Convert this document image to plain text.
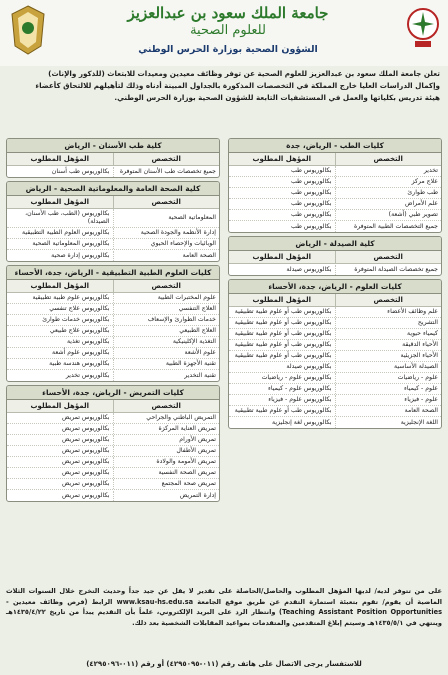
جامعة الملك سعود بن عبدالعزيز
للعلوم الصحية
الشؤون الصحية بوزارة الحرس الوطني

تعلن جامعة الملك سعود بن عبدالعزيز للعلوم الصحية عن توفر وظائف معيدين ومعيدات للابتعاث (للذكور والإناث)

وإكمال الدراسات العليا خارج المملكة في التخصصات المذكورة بالجداول المبينة أدناه وذلك لتأهيلهم للالتحاق كأعضاء

هيئة تدريس بكلياتها والعمل في المستشفيات التابعة للشؤون الصحية بوزارة الحرس الوطني.

كليات الطب - الرياض، جدة
التخصص
المؤهل المطلوب
تخدير
بكالوريوس طب
علاج مركز
بكالوريوس طب
طب طوارئ
بكالوريوس طب
علم الأمراض
بكالوريوس طب
تصوير طبي (أشعة)
بكالوريوس طب
جميع التخصصات الطبية المتوفرة
بكالوريوس طب
كلية الصيدلة - الرياض
التخصص
المؤهل المطلوب
جميع تخصصات الصيدلة المتوفرة
بكالوريوس صيدلة
كليات العلوم - الرياض، جدة، الأحساء
التخصص
المؤهل المطلوب
علم وظائف الأعضاء
بكالوريوس طب أو علوم طبية تطبيقية
التشريح
بكالوريوس طب أو علوم طبية تطبيقية
كيمياء حيوية
بكالوريوس طب أو علوم طبية تطبيقية
الأحياء الدقيقة
بكالوريوس طب أو علوم طبية تطبيقية
الأحياء الجزيئية
بكالوريوس طب أو علوم طبية تطبيقية
الصيدلة الأساسية
بكالوريوس صيدلة
علوم - رياضيات
بكالوريوس علوم - رياضيات
علوم - كيمياء
بكالوريوس علوم - كيمياء
علوم - فيزياء
بكالوريوس علوم - فيزياء
الصحة العامة
بكالوريوس طب أو علوم طبية تطبيقية
اللغة الإنجليزية
بكالوريوس لغة إنجليزية
كلية طب الأسنان - الرياض
التخصص
المؤهل المطلوب
جميع تخصصات طب الأسنان المتوفرة
بكالوريوس طب أسنان
كلية الصحة العامة والمعلوماتية الصحية - الرياض
التخصص
المؤهل المطلوب
المعلوماتية الصحية
بكالوريوس (الطب، طب الأسنان، الصيدلة)
إدارة الأنظمة والجودة الصحية
بكالوريوس العلوم الطبية التطبيقية
الوبائيات والإحصاء الحيوي
بكالوريوس المعلوماتية الصحية
الصحة العامة
بكالوريوس إدارة صحية
كليات العلوم الطبية التطبيقية - الرياض، جدة، الأحساء
التخصص
المؤهل المطلوب
علوم المختبرات الطبية
بكالوريوس علوم طبية تطبيقية
العلاج التنفسي
بكالوريوس علاج تنفسي
خدمات الطوارئ والإسعاف
بكالوريوس خدمات طوارئ
العلاج الطبيعي
بكالوريوس علاج طبيعي
التغذية الإكلينيكية
بكالوريوس تغذية
علوم الأشعة
بكالوريوس علوم أشعة
تقنية الأجهزة الطبية
بكالوريوس هندسة طبية
تقنية التخدير
بكالوريوس تخدير
كليات التمريض - الرياض، جدة، الأحساء
التخصص
المؤهل المطلوب
التمريض الباطني والجراحي
بكالوريوس تمريض
تمريض العناية المركزة
بكالوريوس تمريض
تمريض الأورام
بكالوريوس تمريض
تمريض الأطفال
بكالوريوس تمريض
تمريض الأمومة والولادة
بكالوريوس تمريض
تمريض الصحة النفسية
بكالوريوس تمريض
تمريض صحة المجتمع
بكالوريوس تمريض
إدارة التمريض
بكالوريوس تمريض
على من تتوفر لديه/ لديها المؤهل المطلوب والحاصل/الحاصلة على تقدير لا يقل عن جيد جداً وحديث التخرج خلال السنوات الثلاث الماضية أن يقوم/ تقوم بتعبئة استمارة التقدم عن طريق موقع الجامعة www.ksau-hs.edu.sa الرابط (فرص وظائف معيدين - Teaching Assistant Position Opportunities) وانتظار الرد على البريد الإلكتروني، علماً بأن التقديم يبدأ من تاريخ ١٤٣٥/٤/٢٢هـ وينتهي في ١٤٣٥/٥/١هـ وسيتم إبلاغ المتقدمين والمتقدمات بمواعيد المقابلات الشخصية بعد ذلك.
للاستفسار يرجى الاتصال على هاتف رقم (٠١١-٤٢٩٥٠٩٥) أو رقم (٠١١-٤٢٩٥٠٩٦)
